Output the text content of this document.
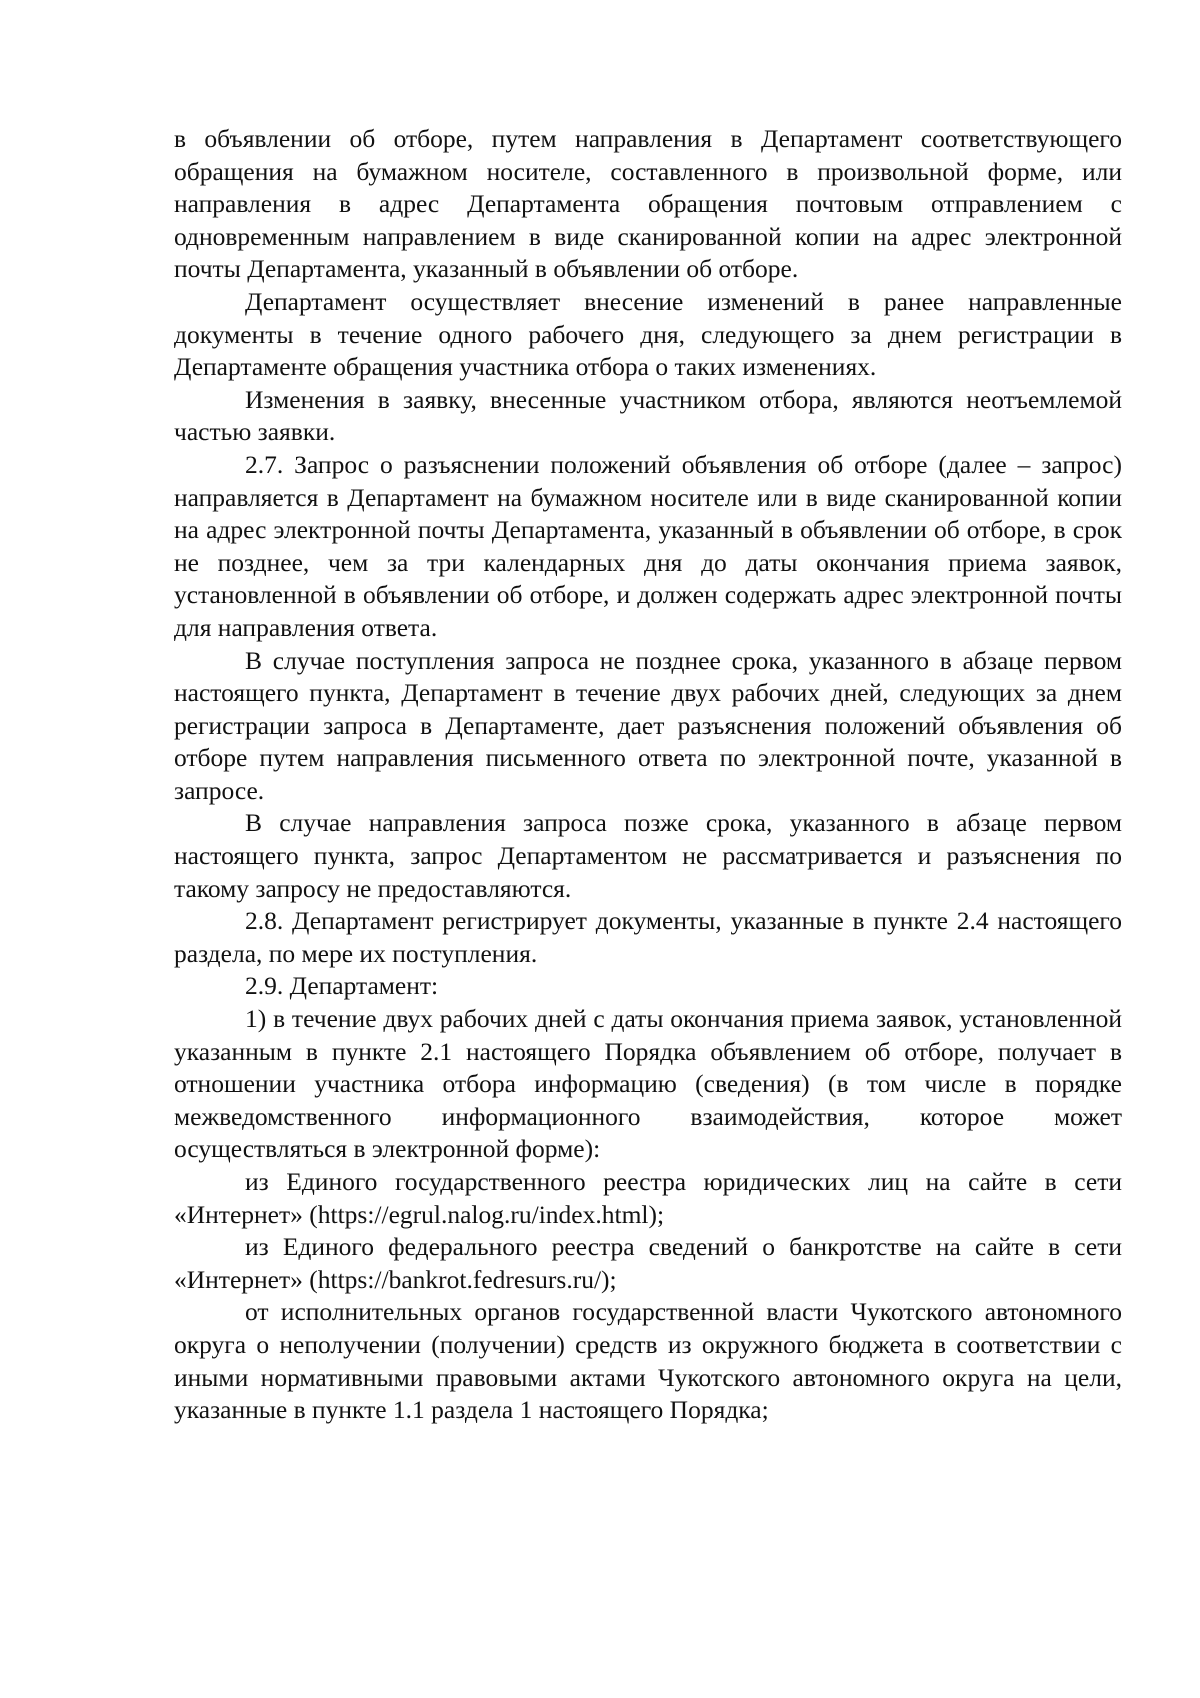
в объявлении об отборе, путем направления в Департамент соответствующего обращения на бумажном носителе, составленного в произвольной форме, или направления в адрес Департамента обращения почтовым отправлением с одновременным направлением в виде сканированной копии на адрес электронной почты Департамента, указанный в объявлении об отборе.

Департамент осуществляет внесение изменений в ранее направленные документы в течение одного рабочего дня, следующего за днем регистрации в Департаменте обращения участника отбора о таких изменениях.

Изменения в заявку, внесенные участником отбора, являются неотъемлемой частью заявки.

2.7. Запрос о разъяснении положений объявления об отборе (далее – запрос) направляется в Департамент на бумажном носителе или в виде сканированной копии на адрес электронной почты Департамента, указанный в объявлении об отборе, в срок не позднее, чем за три календарных дня до даты окончания приема заявок, установленной в объявлении об отборе, и должен содержать адрес электронной почты для направления ответа.

В случае поступления запроса не позднее срока, указанного в абзаце первом настоящего пункта, Департамент в течение двух рабочих дней, следующих за днем регистрации запроса в Департаменте, дает разъяснения положений объявления об отборе путем направления письменного ответа по электронной почте, указанной в запросе.

В случае направления запроса позже срока, указанного в абзаце первом настоящего пункта, запрос Департаментом не рассматривается и разъяснения по такому запросу не предоставляются.

2.8. Департамент регистрирует документы, указанные в пункте 2.4 настоящего раздела, по мере их поступления.

2.9. Департамент:

1) в течение двух рабочих дней с даты окончания приема заявок, установленной указанным в пункте 2.1 настоящего Порядка объявлением об отборе, получает в отношении участника отбора информацию (сведения) (в том числе в порядке межведомственного информационного взаимодействия, которое может осуществляться в электронной форме):

из Единого государственного реестра юридических лиц на сайте в сети «Интернет» (https://egrul.nalog.ru/index.html);

из Единого федерального реестра сведений о банкротстве на сайте в сети «Интернет» (https://bankrot.fedresurs.ru/);

от исполнительных органов государственной власти Чукотского автономного округа о неполучении (получении) средств из окружного бюджета в соответствии с иными нормативными правовыми актами Чукотского автономного округа на цели, указанные в пункте 1.1 раздела 1 настоящего Порядка;
